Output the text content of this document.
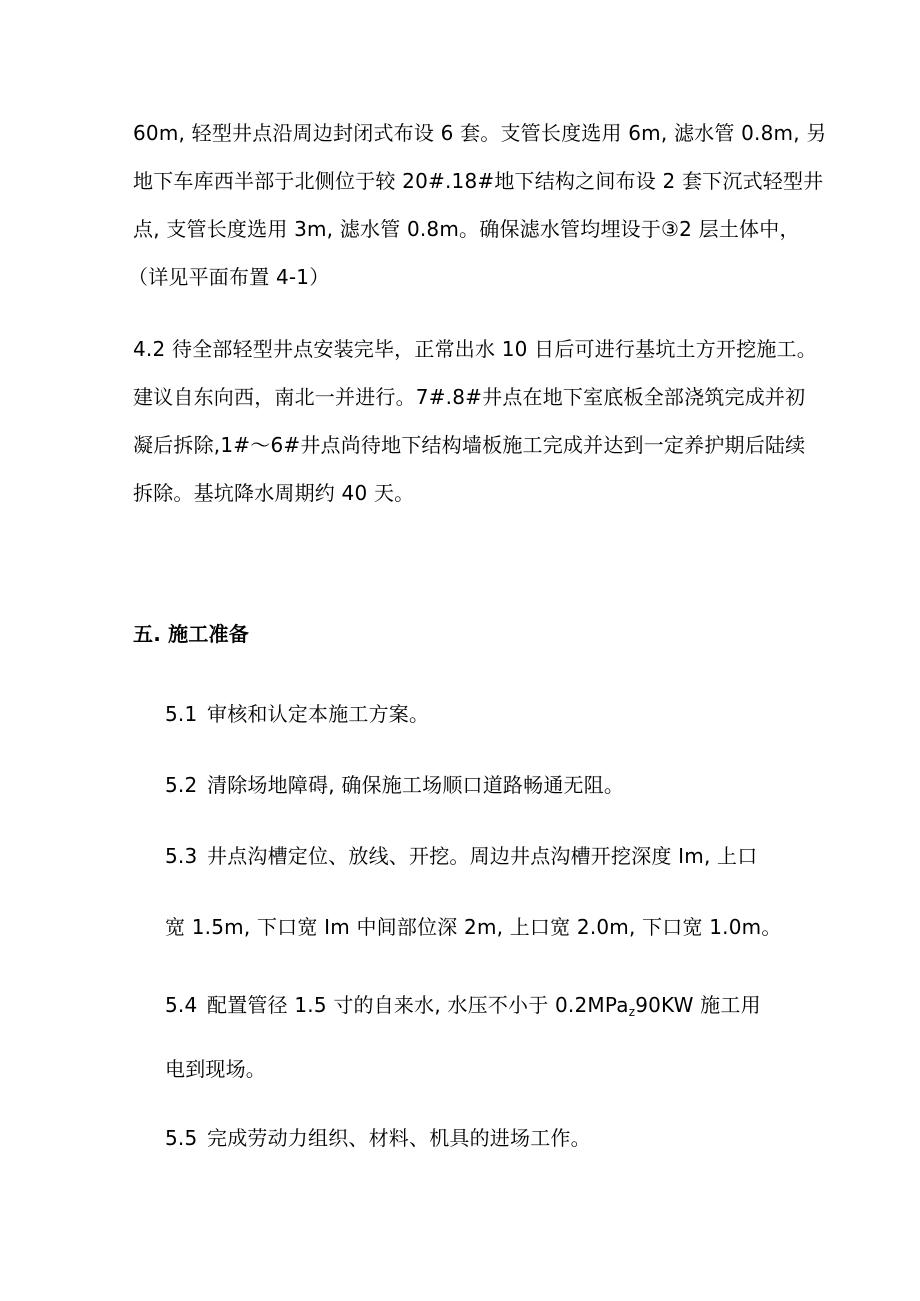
60m, 轻型井点沿周边封闭式布设 6 套。支管长度选用 6m, 滤水管 0.8m, 另
地下车库西半部于北侧位于较 20#.18#地下结构之间布设 2 套下沉式轻型井
点, 支管长度选用 3m, 滤水管 0.8m。确保滤水管均埋设于③2 层土体中，
（详见平面布置 4-1）
4.2 待全部轻型井点安装完毕，正常出水 10 日后可进行基坑土方开挖施工。
建议自东向西，南北一并进行。7#.8#井点在地下室底板全部浇筑完成并初
凝后拆除,1#～6#井点尚待地下结构墙板施工完成并达到一定养护期后陆续
拆除。基坑降水周期约 40 天。
五. 施工准备
5.1 审核和认定本施工方案。
5.2 清除场地障碍, 确保施工场顺口道路畅通无阻。
5.3 井点沟槽定位、放线、开挖。周边井点沟槽开挖深度 Im, 上口
宽 1.5m, 下口宽 Im 中间部位深 2m, 上口宽 2.0m, 下口宽 1.0m。
5.4 配置管径 1.5 寸的自来水, 水压不小于 0.2MPa$_z$90KW 施工用
电到现场。
5.5 完成劳动力组织、材料、机具的进场工作。
